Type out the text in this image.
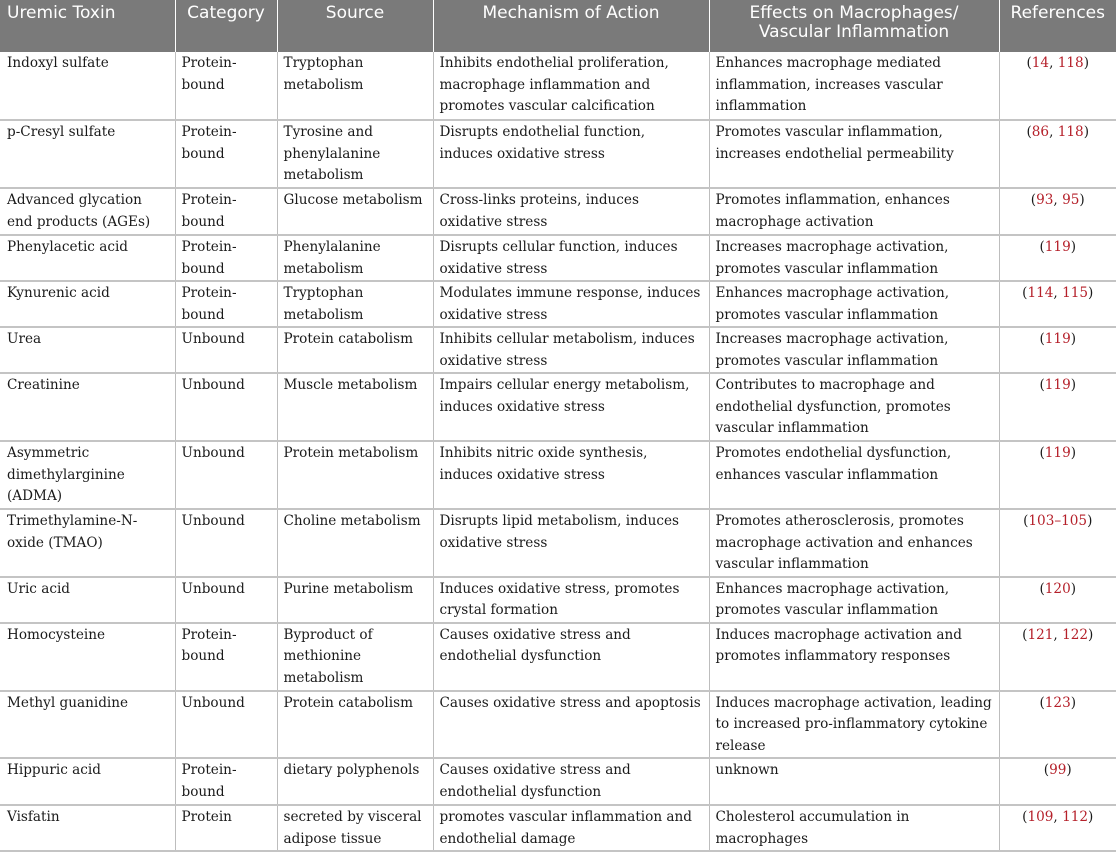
Uremic Toxin	Category	Source	Mechanism of Action	Effects on Macrophages/ Vascular Inflammation	References
Indoxyl sulfate	Protein-bound	Tryptophan metabolism	Inhibits endothelial proliferation, macrophage inflammation and promotes vascular calcification	Enhances macrophage mediated inflammation, increases vascular inflammation	(14, 118)
p-Cresyl sulfate	Protein-bound	Tyrosine and phenylalanine metabolism	Disrupts endothelial function, induces oxidative stress	Promotes vascular inflammation, increases endothelial permeability	(86, 118)
Advanced glycation end products (AGEs)	Protein-bound	Glucose metabolism	Cross-links proteins, induces oxidative stress	Promotes inflammation, enhances macrophage activation	(93, 95)
Phenylacetic acid	Protein-bound	Phenylalanine metabolism	Disrupts cellular function, induces oxidative stress	Increases macrophage activation, promotes vascular inflammation	(119)
Kynurenic acid	Protein-bound	Tryptophan metabolism	Modulates immune response, induces oxidative stress	Enhances macrophage activation, promotes vascular inflammation	(114, 115)
Urea	Unbound	Protein catabolism	Inhibits cellular metabolism, induces oxidative stress	Increases macrophage activation, promotes vascular inflammation	(119)
Creatinine	Unbound	Muscle metabolism	Impairs cellular energy metabolism, induces oxidative stress	Contributes to macrophage and endothelial dysfunction, promotes vascular inflammation	(119)
Asymmetric dimethylarginine (ADMA)	Unbound	Protein metabolism	Inhibits nitric oxide synthesis, induces oxidative stress	Promotes endothelial dysfunction, enhances vascular inflammation	(119)
Trimethylamine-N-oxide (TMAO)	Unbound	Choline metabolism	Disrupts lipid metabolism, induces oxidative stress	Promotes atherosclerosis, promotes macrophage activation and enhances vascular inflammation	(103–105)
Uric acid	Unbound	Purine metabolism	Induces oxidative stress, promotes crystal formation	Enhances macrophage activation, promotes vascular inflammation	(120)
Homocysteine	Protein-bound	Byproduct of methionine metabolism	Causes oxidative stress and endothelial dysfunction	Induces macrophage activation and promotes inflammatory responses	(121, 122)
Methyl guanidine	Unbound	Protein catabolism	Causes oxidative stress and apoptosis	Induces macrophage activation, leading to increased pro-inflammatory cytokine release	(123)
Hippuric acid	Protein-bound	dietary polyphenols	Causes oxidative stress and endothelial dysfunction	unknown	(99)
Visfatin	Protein	secreted by visceral adipose tissue	promotes vascular inflammation and endothelial damage	Cholesterol accumulation in macrophages	(109, 112)
